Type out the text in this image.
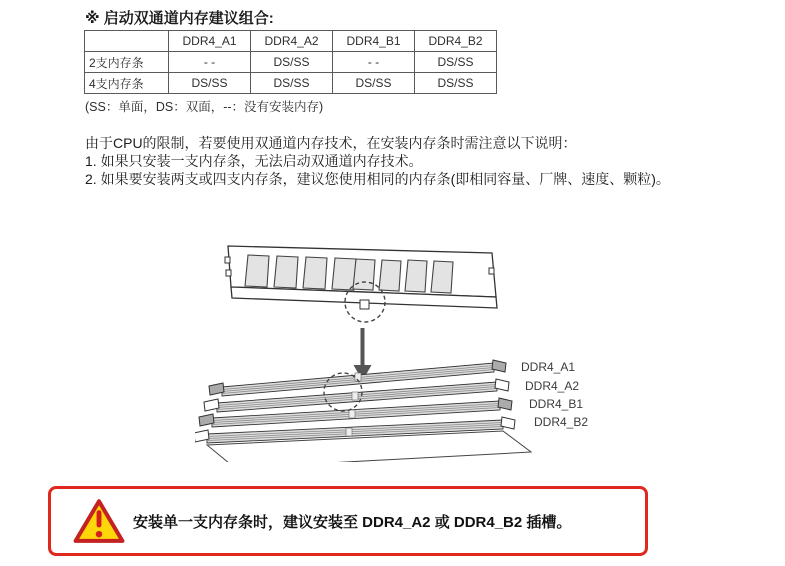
※ 启动双通道内存建议组合:
	DDR4_A1	DDR4_A2	DDR4_B1	DDR4_B2
2支内存条	- -	DS/SS	- -	DS/SS
4支内存条	DS/SS	DS/SS	DS/SS	DS/SS
(SS：单面，DS：双面，--：没有安装内存)
由于CPU的限制，若要使用双通道内存技术，在安装内存条时需注意以下说明：
1. 如果只安装一支内存条，无法启动双通道内存技术。
2. 如果要安装两支或四支内存条，建议您使用相同的内存条(即相同容量、厂牌、速度、颗粒)。
DDR4_A1
DDR4_A2
DDR4_B1
DDR4_B2
安装单一支内存条时，建议安装至 DDR4_A2 或 DDR4_B2 插槽。
